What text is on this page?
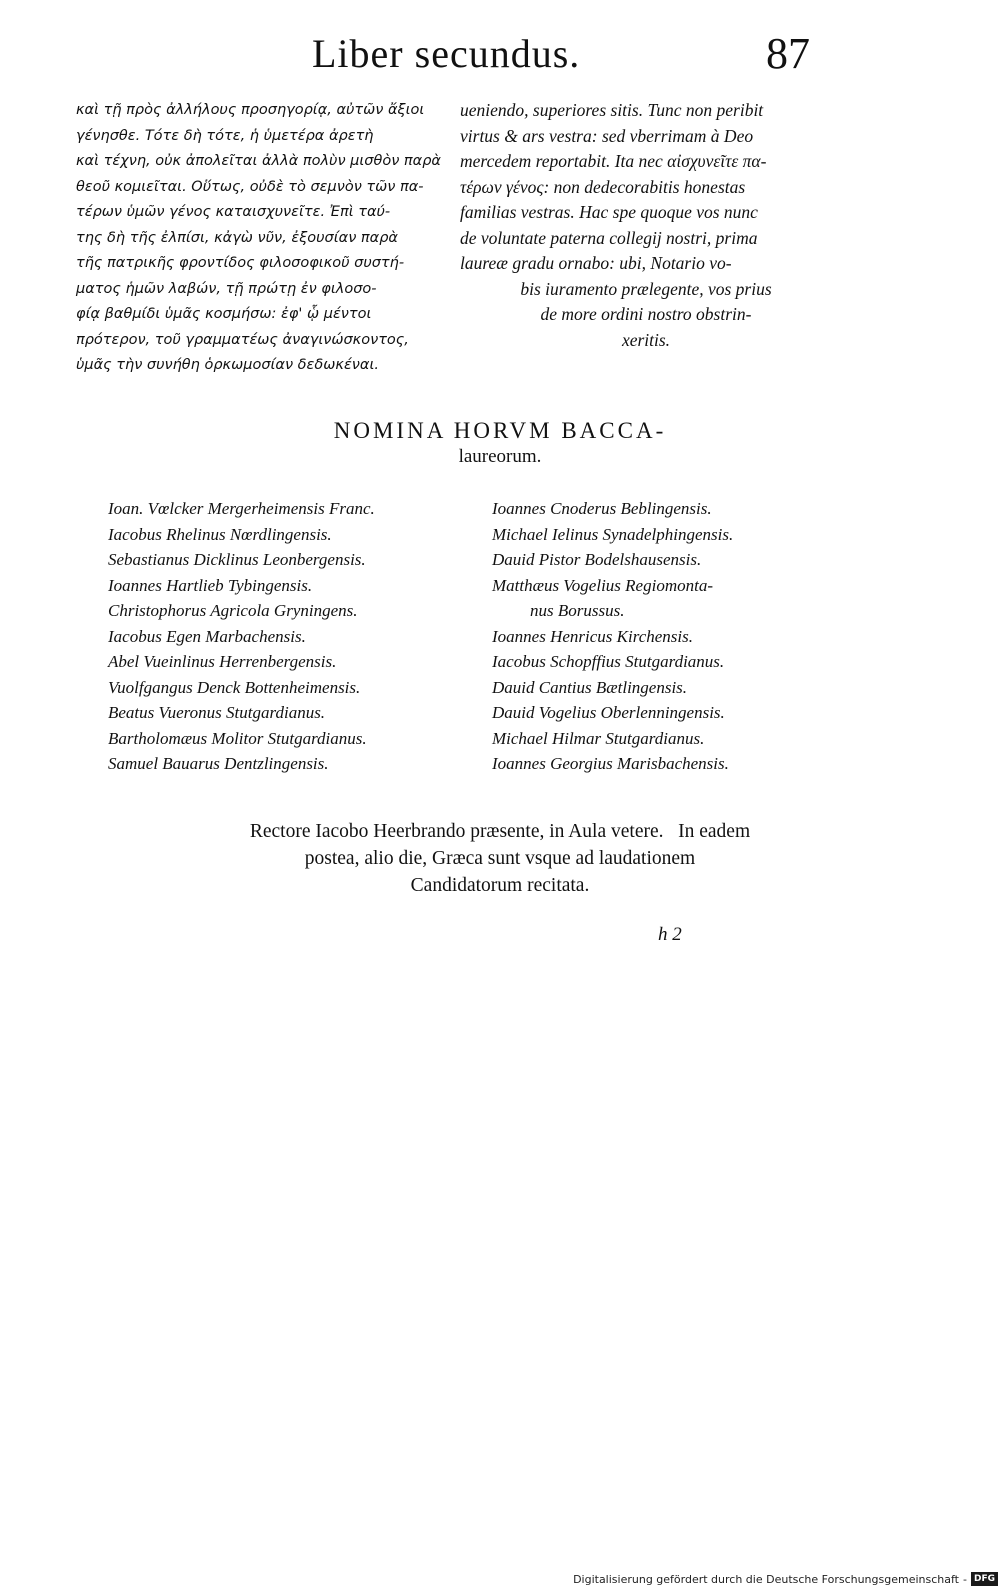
Liber secundus.	87
καὶ τῇ πρὸς ἀλλήλους προσηγορίᾳ, αὐτῶν ἄξιοι
γένησθε. Τότε δὴ τότε, ἡ ὑμετέρα ἀρετὴ
καὶ τέχνη, οὐκ ἀπολεῖται ἀλλὰ πολὺν μισθὸν παρὰ
θεοῦ κομιεῖται. Οὕτως, οὐδὲ τὸ σεμνὸν τῶν πα-
τέρων ὑμῶν γένος καταισχυνεῖτε. Ἐπὶ ταύ-
της δὴ τῆς ἐλπίσι, κἀγὼ νῦν, ἐξουσίαν παρὰ
τῆς πατρικῆς φροντίδος φιλοσοφικοῦ συστή-
ματος ἡμῶν λαβών, τῇ πρώτῃ ἐν φιλοσο-
φίᾳ βαθμίδι ὑμᾶς κοσμήσω: ἐφ' ᾧ μέντοι
πρότερον, τοῦ γραμματέως ἀναγινώσκοντος,
ὑμᾶς τὴν συνήθη ὁρκωμοσίαν δεδωκέναι.
ueniendo, superiores sitis. Tunc non peribit
virtus & ars vestra: sed vberrimam à Deo
mercedem reportabit. Ita nec αἰσχυνεῖτε πα-
τέρων γένος: non dedecorabitis honestas
familias vestras. Hac spe quoque vos nunc
de voluntate paterna collegij nostri, prima
laureæ gradu ornabo: ubi, Notario vo-
bis iuramento prælegente, vos prius
de more ordini nostro obstrin-
xeritis.
NOMINA HORVM BACCA-
laureorum.
Ioan. Vœlcker Mergerheimensis Franc.
Iacobus Rhelinus Nœrdlingensis.
Sebastianus Dicklinus Leonbergensis.
Ioannes Hartlieb Tybingensis.
Christophorus Agricola Gryningens.
Iacobus Egen Marbachensis.
Abel Vueinlinus Herrenbergensis.
Vuolfgangus Denck Bottenheimensis.
Beatus Vueronus Stutgardianus.
Bartholomæus Molitor Stutgardianus.
Samuel Bauarus Dentzlingensis.
Ioannes Cnoderus Beblingensis.
Michael Ielinus Synadelphingensis.
Dauid Pistor Bodelshausensis.
Matthæus Vogelius Regiomonta-
nus Borussus.
Ioannes Henricus Kirchensis.
Iacobus Schopffius Stutgardianus.
Dauid Cantius Bætlingensis.
Dauid Vogelius Oberlenningensis.
Michael Hilmar Stutgardianus.
Ioannes Georgius Marisbachensis.
Rectore Iacobo Heerbrando præsente, in Aula vetere.   In eadem
postea, alio die, Græca sunt vsque ad laudationem
Candidatorum recitata.
h 2
Digitalisierung gefördert durch die Deutsche Forschungsgemeinschaft - DFG
